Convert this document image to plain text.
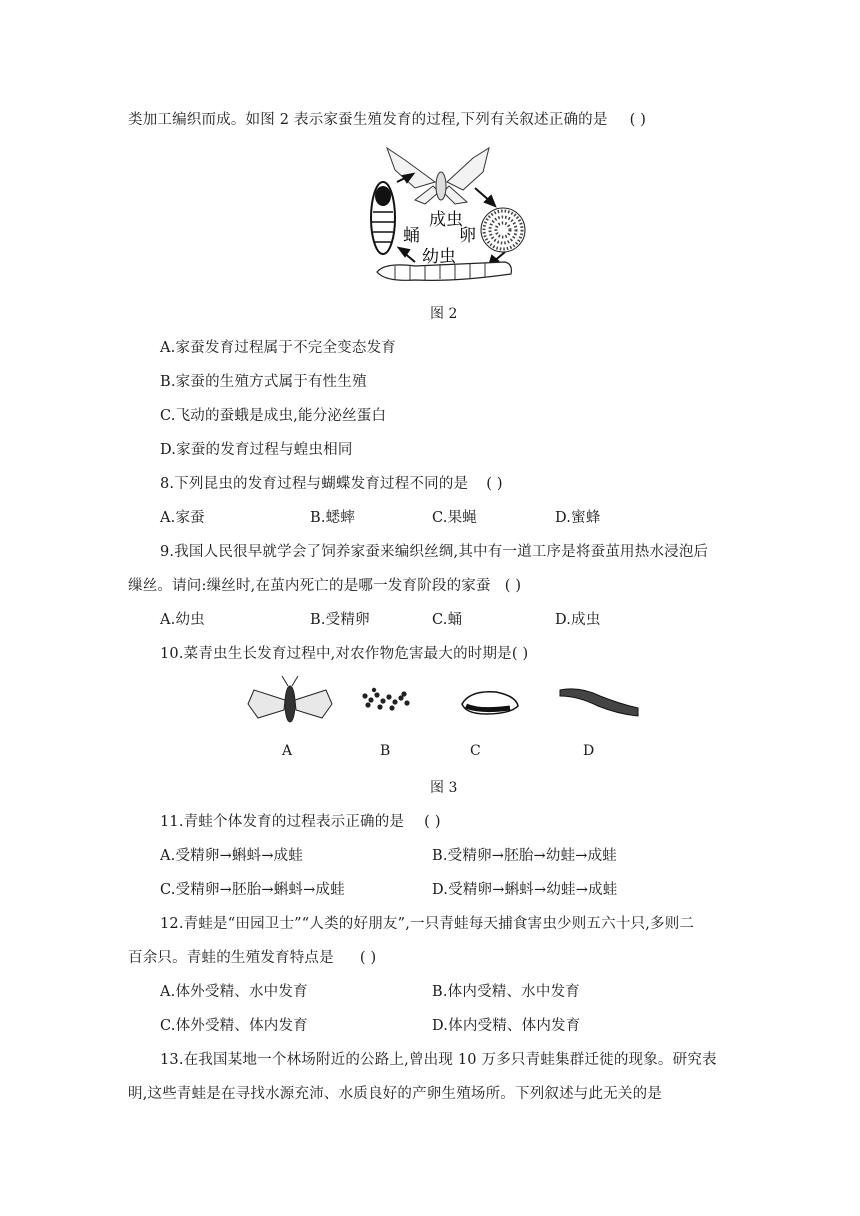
类加工编织而成。如图 2 表示家蚕生殖发育的过程,下列有关叙述正确的是 ( )
成虫
卵
幼虫
蛹
图 2
A.家蚕发育过程属于不完全变态发育
B.家蚕的生殖方式属于有性生殖
C.飞动的蚕蛾是成虫,能分泌丝蛋白
D.家蚕的发育过程与蝗虫相同
8.下列昆虫的发育过程与蝴蝶发育过程不同的是 ( )
A.家蚕	B.蟋蟀	C.果蝇	D.蜜蜂
9.我国人民很早就学会了饲养家蚕来编织丝绸,其中有一道工序是将蚕茧用热水浸泡后
缫丝。请问:缫丝时,在茧内死亡的是哪一发育阶段的家蚕 ( )
A.幼虫	B.受精卵	C.蛹	D.成虫
10.菜青虫生长发育过程中,对农作物危害最大的时期是( )
A	B	C	D
图 3
11.青蛙个体发育的过程表示正确的是 ( )
A.受精卵→蝌蚪→成蛙	B.受精卵→胚胎→幼蛙→成蛙
C.受精卵→胚胎→蝌蚪→成蛙	D.受精卵→蝌蚪→幼蛙→成蛙
12.青蛙是“田园卫士”“人类的好朋友”,一只青蛙每天捕食害虫少则五六十只,多则二
百余只。青蛙的生殖发育特点是 ( )
A.体外受精、水中发育	B.体内受精、水中发育
C.体外受精、体内发育	D.体内受精、体内发育
13.在我国某地一个林场附近的公路上,曾出现 10 万多只青蛙集群迁徙的现象。研究表
明,这些青蛙是在寻找水源充沛、水质良好的产卵生殖场所。下列叙述与此无关的是
